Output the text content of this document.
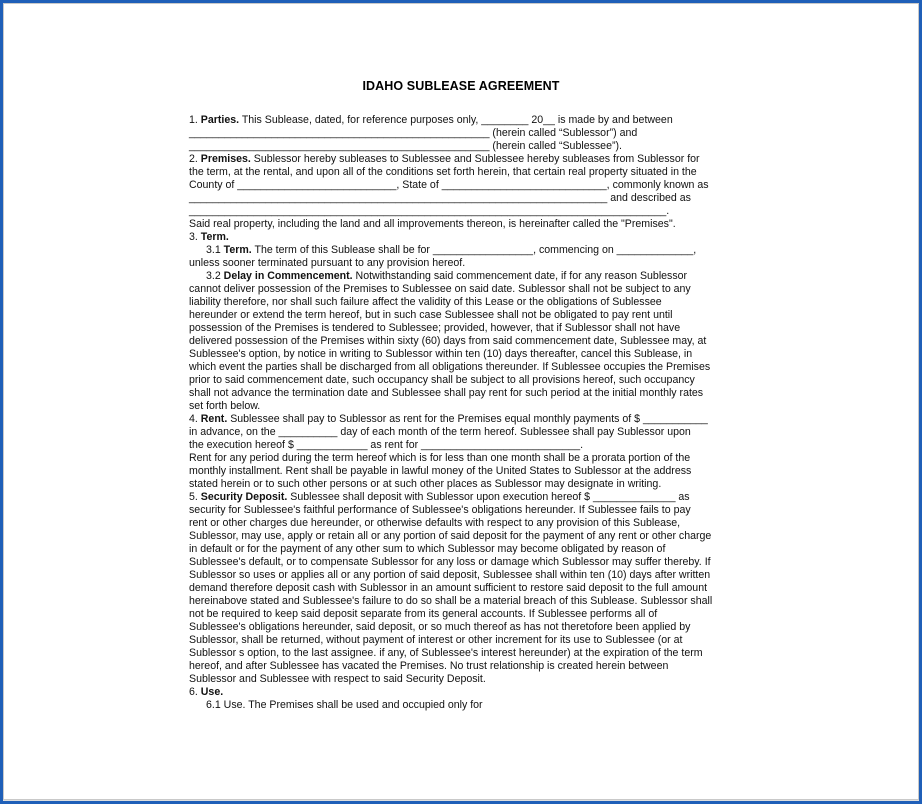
IDAHO SUBLEASE AGREEMENT
1. Parties. This Sublease, dated, for reference purposes only, ________ 20__ is made by and between
___________________________________________________ (herein called “Sublessor”) and
___________________________________________________ (herein called “Sublessee”).
2. Premises. Sublessor hereby subleases to Sublessee and Sublessee hereby subleases from Sublessor for
the term, at the rental, and upon all of the conditions set forth herein, that certain real property situated in the
County of ___________________________, State of ____________________________, commonly known as
_______________________________________________________________________ and described as
_________________________________________________________________________________.
Said real property, including the land and all improvements thereon, is hereinafter called the "Premises".
3. Term.
3.1 Term. The term of this Sublease shall be for _________________, commencing on _____________,
unless sooner terminated pursuant to any provision hereof.
3.2 Delay in Commencement. Notwithstanding said commencement date, if for any reason Sublessor
cannot deliver possession of the Premises to Sublessee on said date. Sublessor shall not be subject to any
liability therefore, nor shall such failure affect the validity of this Lease or the obligations of Sublessee
hereunder or extend the term hereof, but in such case Sublessee shall not be obligated to pay rent until
possession of the Premises is tendered to Sublessee; provided, however, that if Sublessor shall not have
delivered possession of the Premises within sixty (60) days from said commencement date, Sublessee may, at
Sublessee's option, by notice in writing to Sublessor within ten (10) days thereafter, cancel this Sublease, in
which event the parties shall be discharged from all obligations thereunder. If Sublessee occupies the Premises
prior to said commencement date, such occupancy shall be subject to all provisions hereof, such occupancy
shall not advance the termination date and Sublessee shall pay rent for such period at the initial monthly rates
set forth below.
4. Rent. Sublessee shall pay to Sublessor as rent for the Premises equal monthly payments of $ ___________
in advance, on the __________ day of each month of the term hereof. Sublessee shall pay Sublessor upon
the execution hereof $ ____________ as rent for ___________________________.
Rent for any period during the term hereof which is for less than one month shall be a prorata portion of the
monthly installment. Rent shall be payable in lawful money of the United States to Sublessor at the address
stated herein or to such other persons or at such other places as Sublessor may designate in writing.
5. Security Deposit. Sublessee shall deposit with Sublessor upon execution hereof $ ______________ as
security for Sublessee's faithful performance of Sublessee's obligations hereunder. If Sublessee fails to pay
rent or other charges due hereunder, or otherwise defaults with respect to any provision of this Sublease,
Sublessor, may use, apply or retain all or any portion of said deposit for the payment of any rent or other charge
in default or for the payment of any other sum to which Sublessor may become obligated by reason of
Sublessee's default, or to compensate Sublessor for any loss or damage which Sublessor may suffer thereby. If
Sublessor so uses or applies all or any portion of said deposit, Sublessee shall within ten (10) days after written
demand therefore deposit cash with Sublessor in an amount sufficient to restore said deposit to the full amount
hereinabove stated and Sublessee's failure to do so shall be a material breach of this Sublease. Sublessor shall
not be required to keep said deposit separate from its general accounts. If Sublessee performs all of
Sublessee's obligations hereunder, said deposit, or so much thereof as has not theretofore been applied by
Sublessor, shall be returned, without payment of interest or other increment for its use to Sublessee (or at
Sublessor s option, to the last assignee. if any, of Sublessee's interest hereunder) at the expiration of the term
hereof, and after Sublessee has vacated the Premises. No trust relationship is created herein between
Sublessor and Sublessee with respect to said Security Deposit.
6. Use.
6.1 Use. The Premises shall be used and occupied only for
